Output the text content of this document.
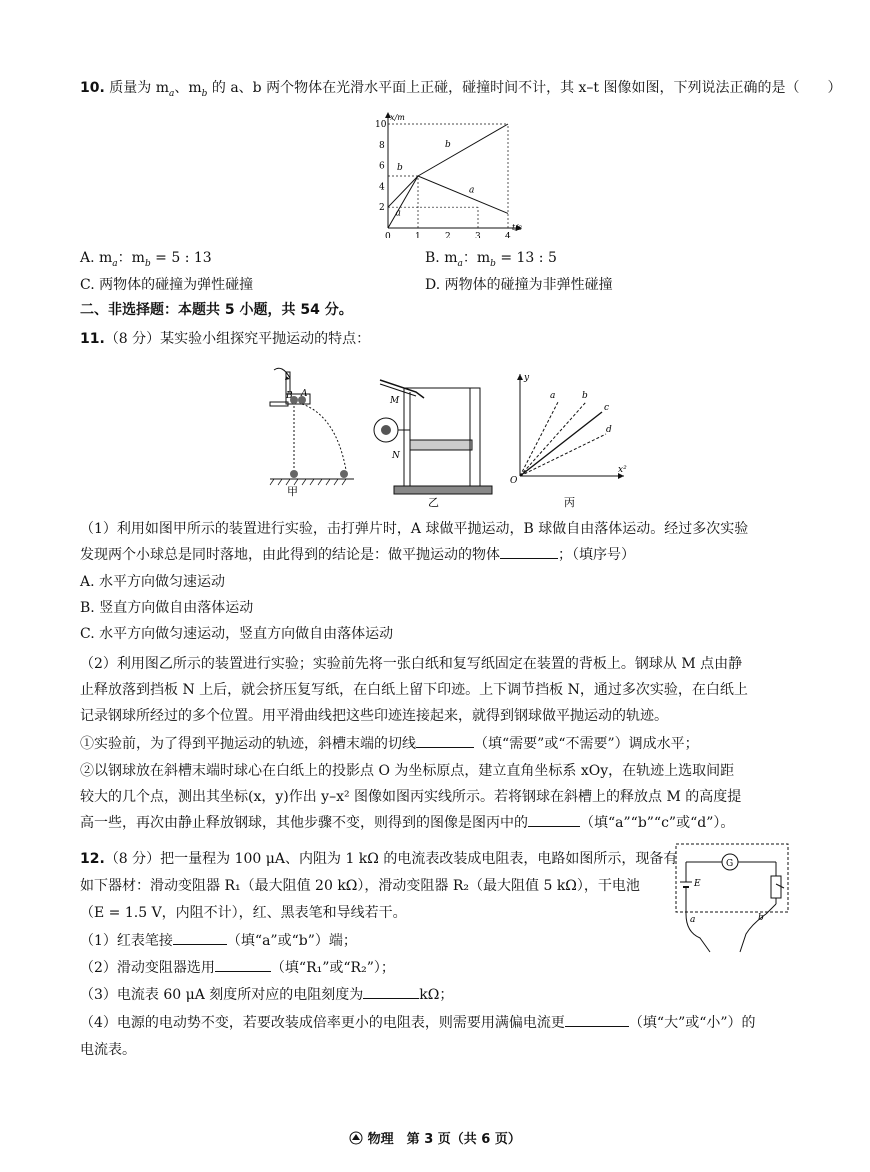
10. 质量为 $m_a$、$m_b$ 的 a、b 两个物体在光滑水平面上正碰，碰撞时间不计，其 x–t 图像如图，下列说法正确的是（　　）
0	1	2	3	4
2
4
6
8
10
t/s
x/m
a
b
b
a
A. $m_a$：$m_b = 5$ : 13	B. $m_a$：$m_b = 13$ : 5
C. 两物体的碰撞为弹性碰撞	D. 两物体的碰撞为非弹性碰撞
二、非选择题：本题共 5 小题，共 54 分。
11.（8 分）某实验小组探究平抛运动的特点：
B A
甲
M
N
乙
y
x²
O
a	b
c
d
丙
（1）利用如图甲所示的装置进行实验，击打弹片时，A 球做平抛运动，B 球做自由落体运动。经过多次实验
发现两个小球总是同时落地，由此得到的结论是：做平抛运动的物体	；（填序号）
A. 水平方向做匀速运动
B. 竖直方向做自由落体运动
C. 水平方向做匀速运动，竖直方向做自由落体运动
（2）利用图乙所示的装置进行实验；实验前先将一张白纸和复写纸固定在装置的背板上。钢球从 M 点由静
止释放落到挡板 N 上后，就会挤压复写纸，在白纸上留下印迹。上下调节挡板 N，通过多次实验，在白纸上
记录钢球所经过的多个位置。用平滑曲线把这些印迹连接起来，就得到钢球做平抛运动的轨迹。
①实验前，为了得到平抛运动的轨迹，斜槽末端的切线	（填“需要”或“不需要”）调成水平；
②以钢球放在斜槽末端时球心在白纸上的投影点 O 为坐标原点，建立直角坐标系 xOy，在轨迹上选取间距
较大的几个点，测出其坐标(x，y)作出 y–x² 图像如图丙实线所示。若将钢球在斜槽上的释放点 M 的高度提
高一些，再次由静止释放钢球，其他步骤不变，则得到的图像是图丙中的	（填“a”“b”“c”或“d”）。
12.（8 分）把一量程为 100 μA、内阻为 1 kΩ 的电流表改装成电阻表，电路如图所示，现备有
如下器材：滑动变阻器 R₁（最大阻值 20 kΩ），滑动变阻器 R₂（最大阻值 5 kΩ），干电池
（E = 1.5 V，内阻不计），红、黑表笔和导线若干。
（1）红表笔接	（填“a”或“b”）端；
（2）滑动变阻器选用	（填“R₁”或“R₂”）；
（3）电流表 60 μA 刻度所对应的电阻刻度为	kΩ；
（4）电源的电动势不变，若要改装成倍率更小的电阻表，则需要用满偏电流更	（填“大”或“小”）的
电流表。
G
E
a	b
物理　 第 3 页（共 6 页）
